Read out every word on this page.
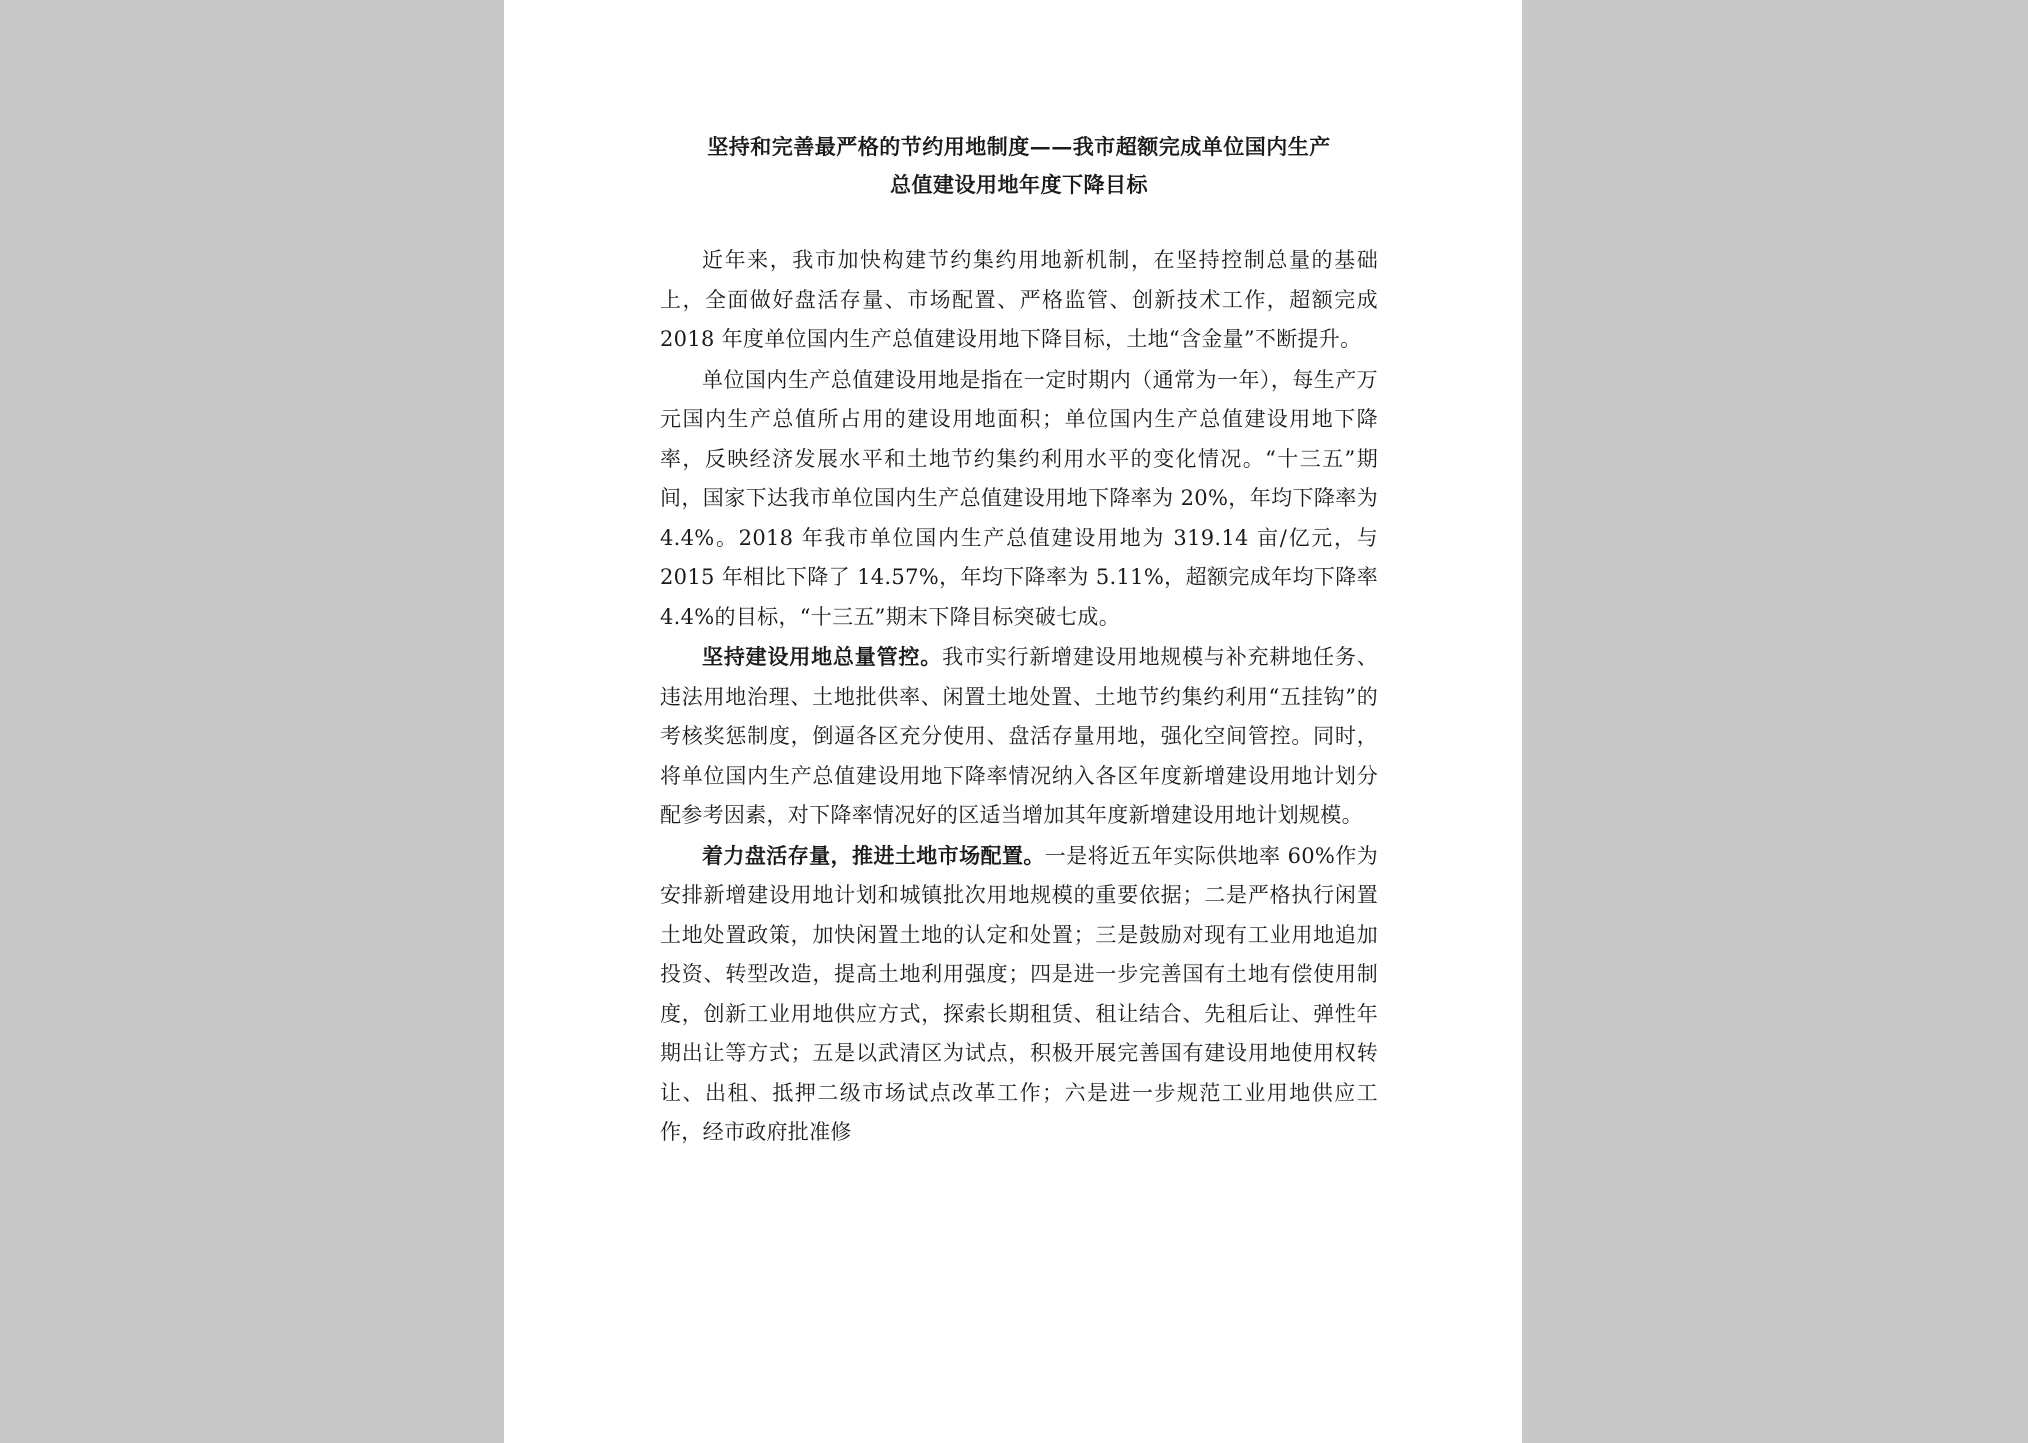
坚持和完善最严格的节约用地制度——我市超额完成单位国内生产
总值建设用地年度下降目标

近年来，我市加快构建节约集约用地新机制，在坚持控制总量的基础上，全面做好盘活存量、市场配置、严格监管、创新技术工作，超额完成 2018 年度单位国内生产总值建设用地下降目标，土地“含金量”不断提升。

单位国内生产总值建设用地是指在一定时期内（通常为一年），每生产万元国内生产总值所占用的建设用地面积；单位国内生产总值建设用地下降率，反映经济发展水平和土地节约集约利用水平的变化情况。“十三五”期间，国家下达我市单位国内生产总值建设用地下降率为 20%，年均下降率为 4.4%。2018 年我市单位国内生产总值建设用地为 319.14 亩/亿元，与 2015 年相比下降了 14.57%，年均下降率为 5.11%，超额完成年均下降率 4.4%的目标，“十三五”期末下降目标突破七成。

坚持建设用地总量管控。我市实行新增建设用地规模与补充耕地任务、违法用地治理、土地批供率、闲置土地处置、土地节约集约利用“五挂钩”的考核奖惩制度，倒逼各区充分使用、盘活存量用地，强化空间管控。同时，将单位国内生产总值建设用地下降率情况纳入各区年度新增建设用地计划分配参考因素，对下降率情况好的区适当增加其年度新增建设用地计划规模。

着力盘活存量，推进土地市场配置。一是将近五年实际供地率 60%作为安排新增建设用地计划和城镇批次用地规模的重要依据；二是严格执行闲置土地处置政策，加快闲置土地的认定和处置；三是鼓励对现有工业用地追加投资、转型改造，提高土地利用强度；四是进一步完善国有土地有偿使用制度，创新工业用地供应方式，探索长期租赁、租让结合、先租后让、弹性年期出让等方式；五是以武清区为试点，积极开展完善国有建设用地使用权转让、出租、抵押二级市场试点改革工作；六是进一步规范工业用地供应工作，经市政府批准修
